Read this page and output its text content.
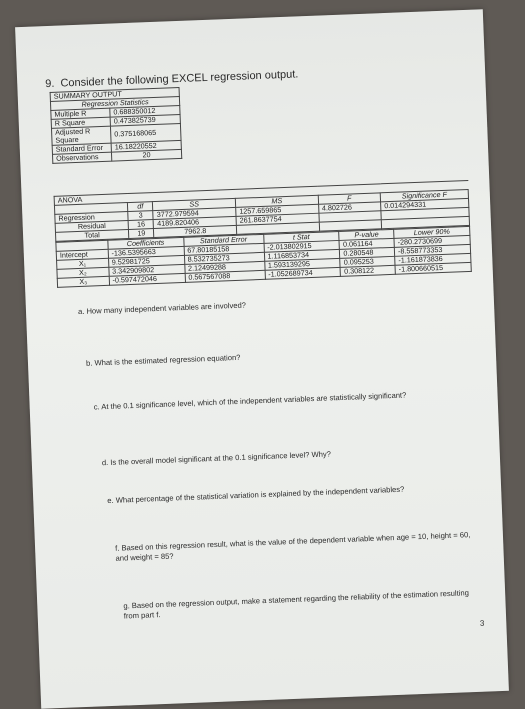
9. Consider the following EXCEL regression output.
SUMMARY OUTPUT	
Regression Statistics	
Multiple R	0.688350012
R Square	0.473825739
Adjusted R Square	0.375168065
Standard Error	16.18220552
Observations	20
ANOVA					
	df	SS	MS	F	Significance F
Regression	3	3772.979594	1257.659865	4.802726	0.014294331
Residual	16	4189.820406	261.8637754		
Total	19	7962.8			
	Coefficients	Standard Error	t Stat	P-value	Lower 90%
Intercept	-136.5395663	67.80185158	-2.013802915	0.061164	-280.2730699
X₁	9.52981725	8.532735273	1.116853734	0.280548	-8.558773353
X₂	3.342909802	2.12499288	1.593139295	0.095253	-1.161873836
X₃	-0.597472046	0.567567088	-1.052689734	0.308122	-1.800660515
a. How many independent variables are involved?
b. What is the estimated regression equation?
c. At the 0.1 significance level, which of the independent variables are statistically significant?
d. Is the overall model significant at the 0.1 significance level? Why?
e. What percentage of the statistical variation is explained by the independent variables?
f. Based on this regression result, what is the value of the dependent variable when age = 10, height = 60, and weight = 85?
g. Based on the regression output, make a statement regarding the reliability of the estimation resulting from part f.
3
